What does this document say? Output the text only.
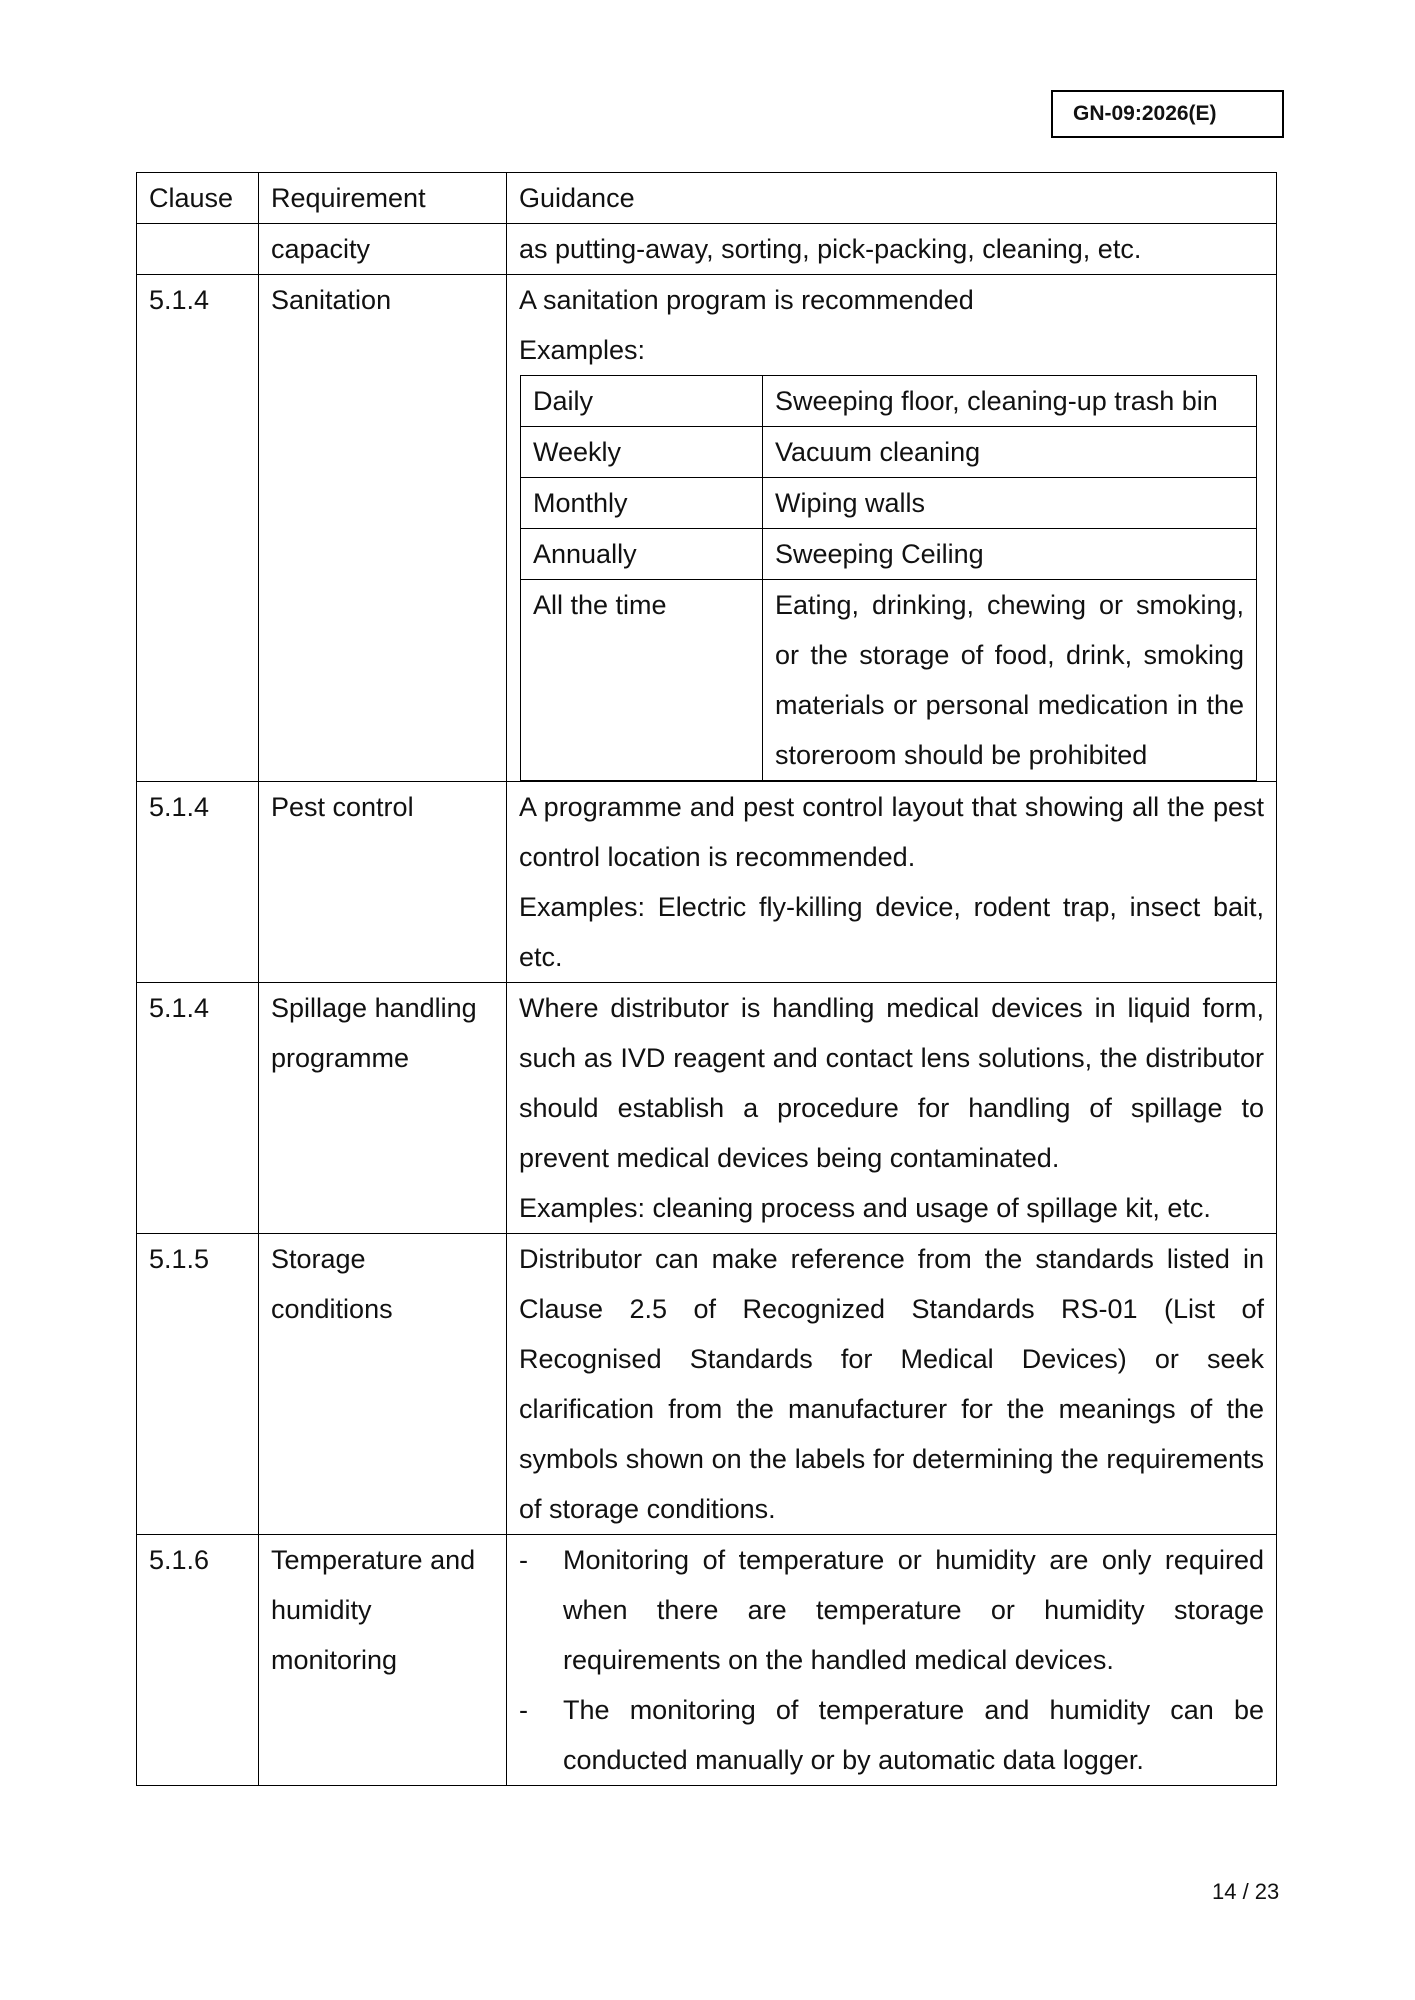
GN-09:2026(E)
Clause	Requirement	Guidance
	capacity	as putting-away, sorting, pick-packing, cleaning, etc.
5.1.4	Sanitation	A sanitation program is recommended
Examples:
Daily	Sweeping floor, cleaning-up trash bin
Weekly	Vacuum cleaning
Monthly	Wiping walls
Annually	Sweeping Ceiling
All the time	Eating, drinking, chewing or smoking, or the storage of food, drink, smoking materials or personal medication in the storeroom should be prohibited

5.1.4	Pest control	A programme and pest control layout that showing all the pest control location is recommended.
Examples: Electric fly-killing device, rodent trap, insect bait, etc.

5.1.4	Spillage handling programme	
Where distributor is handling medical devices in liquid form, such as IVD reagent and contact lens solutions, the distributor should establish a procedure for handling of spillage to prevent medical devices being contaminated.
Examples: cleaning process and usage of spillage kit, etc.

5.1.5	Storage conditions	Distributor can make reference from the standards listed in Clause 2.5 of Recognized Standards RS-01 (List of Recognised Standards for Medical Devices) or seek clarification from the manufacturer for the meanings of the symbols shown on the labels for determining the requirements of storage conditions.
5.1.6	Temperature and humidity monitoring	
-	Monitoring of temperature or humidity are only required when there are temperature or humidity storage requirements on the handled medical devices.
-	The monitoring of temperature and humidity can be conducted manually or by automatic data logger.
14 / 23
